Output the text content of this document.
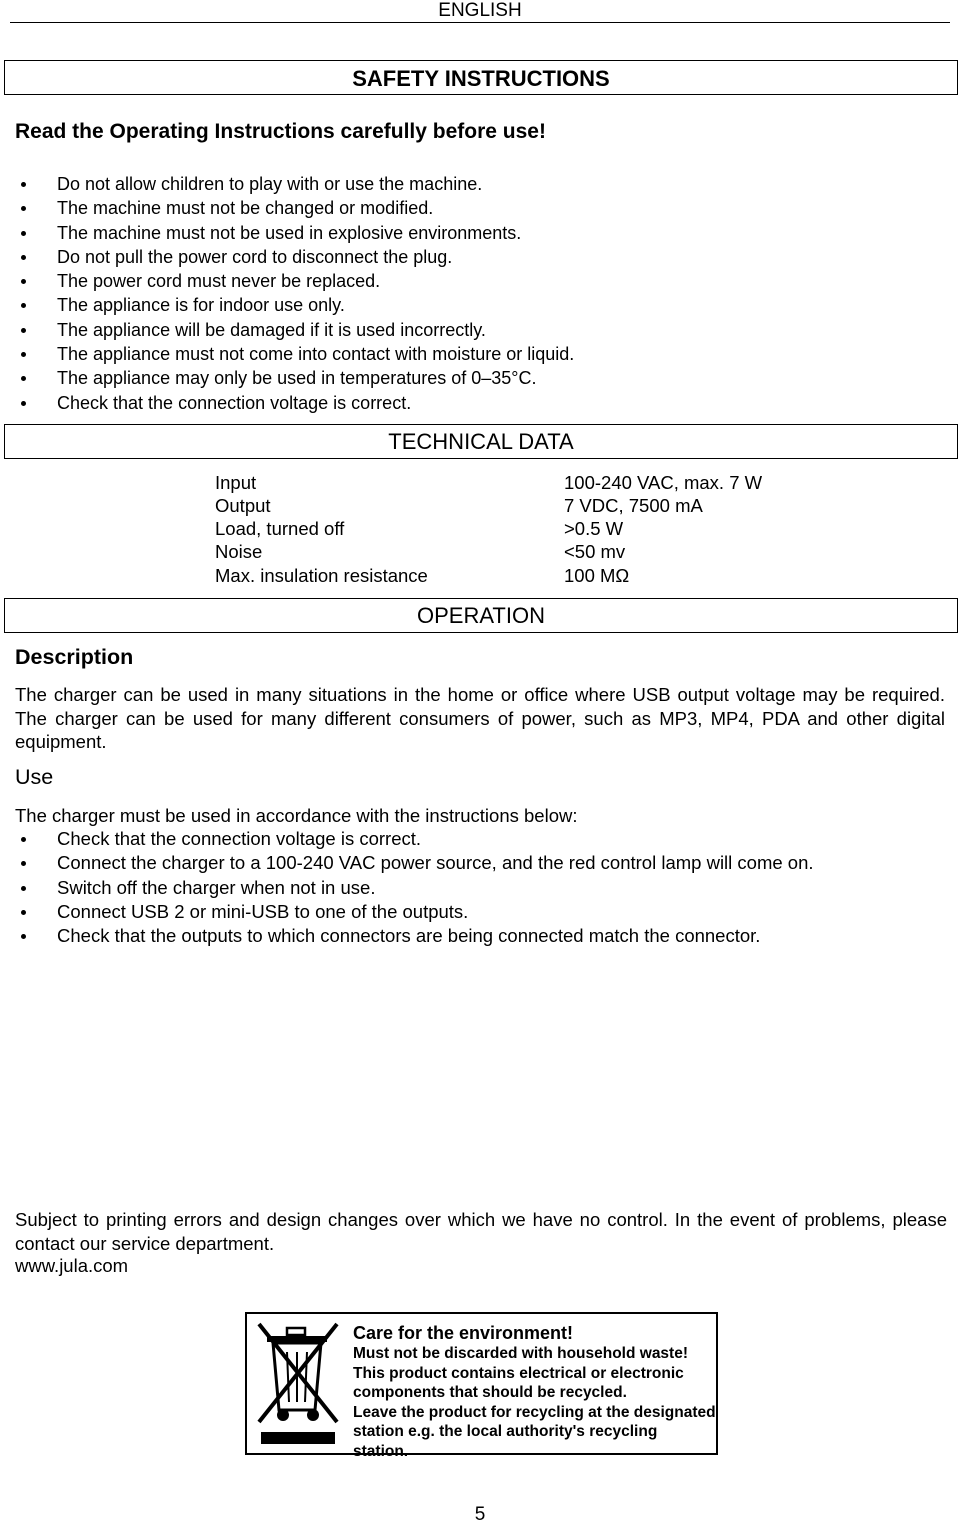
ENGLISH
SAFETY INSTRUCTIONS
Read the Operating Instructions carefully before use!
Do not allow children to play with or use the machine.
The machine must not be changed or modified.
The machine must not be used in explosive environments.
Do not pull the power cord to disconnect the plug.
The power cord must never be replaced.
The appliance is for indoor use only.
The appliance will be damaged if it is used incorrectly.
The appliance must not come into contact with moisture or liquid.
The appliance may only be used in temperatures of 0–35°C.
Check that the connection voltage is correct.
TECHNICAL DATA
Input	100-240 VAC, max. 7 W
Output	7 VDC, 7500 mA
Load, turned off	>0.5 W
Noise	<50 mv
Max. insulation resistance	100 MΩ
OPERATION
Description
The charger can be used in many situations in the home or office where USB output voltage may be required. The charger can be used for many different consumers of power, such as MP3, MP4, PDA and other digital equipment.
Use
The charger must be used in accordance with the instructions below:
Check that the connection voltage is correct.
Connect the charger to a 100-240 VAC power source, and the red control lamp will come on.
Switch off the charger when not in use.
Connect USB 2 or mini-USB to one of the outputs.
Check that the outputs to which connectors are being connected match the connector.
Subject to printing errors and design changes over which we have no control. In the event of problems, please contact our service department.
www.jula.com
Care for the environment!
Must not be discarded with household waste!
This product contains electrical or electronic
components that should be recycled.
Leave the product for recycling at the designated
station e.g. the local authority's recycling station.
5
